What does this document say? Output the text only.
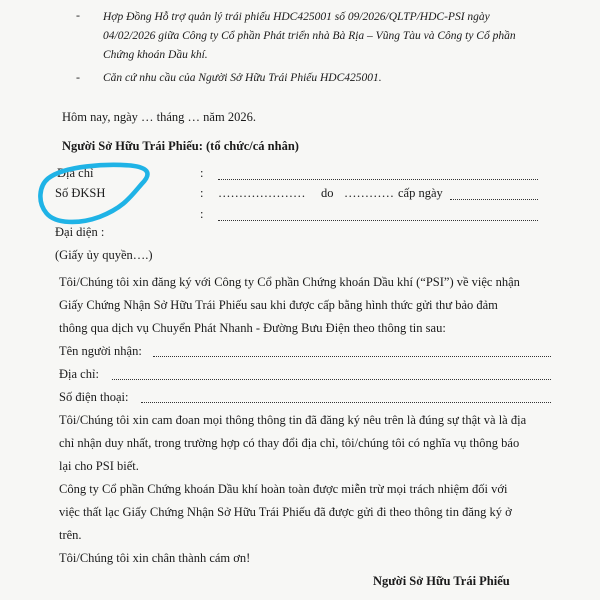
- Hợp Đồng Hỗ trợ quản lý trái phiếu HDC425001 số 09/2026/QLTP/HDC-PSI ngày
04/02/2026 giữa Công ty Cổ phần Phát triển nhà Bà Rịa – Vũng Tàu và Công ty Cổ phần
Chứng khoán Dầu khí.
- Căn cứ nhu cầu của Người Sở Hữu Trái Phiếu HDC425001.
Hôm nay, ngày … tháng … năm 2026.
Người Sở Hữu Trái Phiếu: (tổ chức/cá nhân)
Địa chỉ	:
Số ĐKSH	: ………………… do ………… cấp ngày
:
Đại diện :
(Giấy ủy quyền….)
Tôi/Chúng tôi xin đăng ký với Công ty Cổ phần Chứng khoán Dầu khí (“PSI”) về việc nhận
Giấy Chứng Nhận Sở Hữu Trái Phiếu sau khi được cấp bằng hình thức gửi thư bảo đảm
thông qua dịch vụ Chuyển Phát Nhanh - Đường Bưu Điện theo thông tin sau:
Tên người nhận:
Địa chỉ:
Số điện thoại:
Tôi/Chúng tôi xin cam đoan mọi thông thông tin đã đăng ký nêu trên là đúng sự thật và là địa
chỉ nhận duy nhất, trong trường hợp có thay đổi địa chỉ, tôi/chúng tôi có nghĩa vụ thông báo
lại cho PSI biết.
Công ty Cổ phần Chứng khoán Dầu khí hoàn toàn được miễn trừ mọi trách nhiệm đối với
việc thất lạc Giấy Chứng Nhận Sở Hữu Trái Phiếu đã được gửi đi theo thông tin đăng ký ở
trên.
Tôi/Chúng tôi xin chân thành cám ơn!
Người Sở Hữu Trái Phiếu
